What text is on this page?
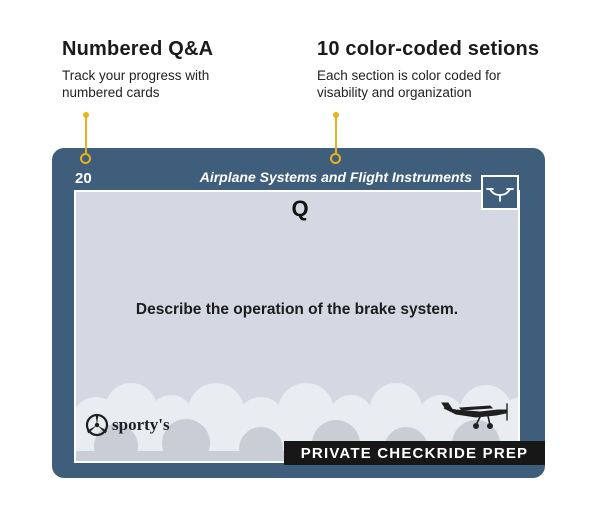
Numbered Q&A

Track your progress with numbered cards

10 color-coded setions

Each section is color coded for visability and organization

20	Airplane Systems and Flight Instruments
Q
Describe the operation of the brake system.
sporty's
PRIVATE CHECKRIDE PREP
